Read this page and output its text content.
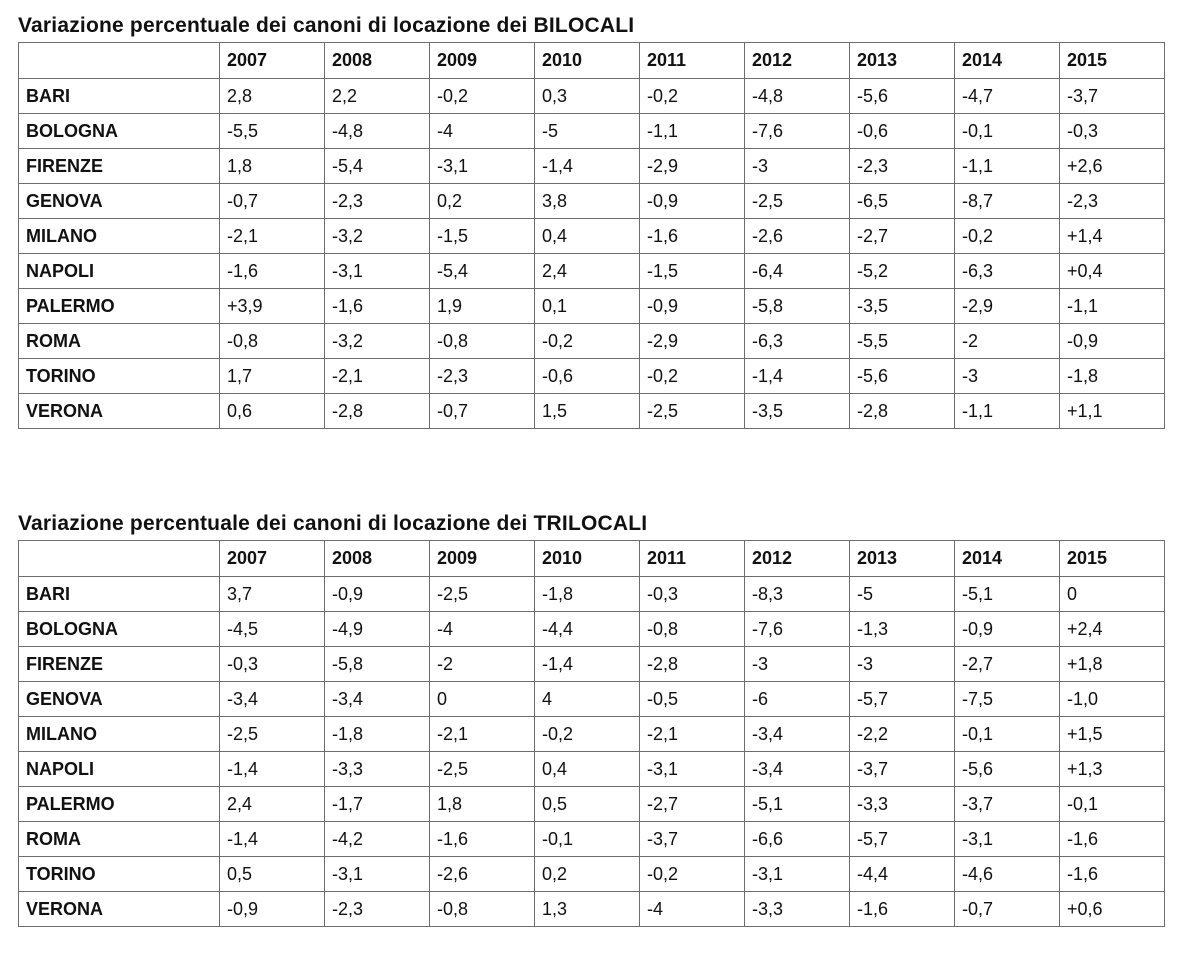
Variazione percentuale dei canoni di locazione dei BILOCALI
	2007	2008	2009	2010	2011	2012	2013	2014	2015
BARI	2,8	2,2	-0,2	0,3	-0,2	-4,8	-5,6	-4,7	-3,7
BOLOGNA	-5,5	-4,8	-4	-5	-1,1	-7,6	-0,6	-0,1	-0,3
FIRENZE	1,8	-5,4	-3,1	-1,4	-2,9	-3	-2,3	-1,1	+2,6
GENOVA	-0,7	-2,3	0,2	3,8	-0,9	-2,5	-6,5	-8,7	-2,3
MILANO	-2,1	-3,2	-1,5	0,4	-1,6	-2,6	-2,7	-0,2	+1,4
NAPOLI	-1,6	-3,1	-5,4	2,4	-1,5	-6,4	-5,2	-6,3	+0,4
PALERMO	+3,9	-1,6	1,9	0,1	-0,9	-5,8	-3,5	-2,9	-1,1
ROMA	-0,8	-3,2	-0,8	-0,2	-2,9	-6,3	-5,5	-2	-0,9
TORINO	1,7	-2,1	-2,3	-0,6	-0,2	-1,4	-5,6	-3	-1,8
VERONA	0,6	-2,8	-0,7	1,5	-2,5	-3,5	-2,8	-1,1	+1,1
Variazione percentuale dei canoni di locazione dei TRILOCALI
	2007	2008	2009	2010	2011	2012	2013	2014	2015
BARI	3,7	-0,9	-2,5	-1,8	-0,3	-8,3	-5	-5,1	0
BOLOGNA	-4,5	-4,9	-4	-4,4	-0,8	-7,6	-1,3	-0,9	+2,4
FIRENZE	-0,3	-5,8	-2	-1,4	-2,8	-3	-3	-2,7	+1,8
GENOVA	-3,4	-3,4	0	4	-0,5	-6	-5,7	-7,5	-1,0
MILANO	-2,5	-1,8	-2,1	-0,2	-2,1	-3,4	-2,2	-0,1	+1,5
NAPOLI	-1,4	-3,3	-2,5	0,4	-3,1	-3,4	-3,7	-5,6	+1,3
PALERMO	2,4	-1,7	1,8	0,5	-2,7	-5,1	-3,3	-3,7	-0,1
ROMA	-1,4	-4,2	-1,6	-0,1	-3,7	-6,6	-5,7	-3,1	-1,6
TORINO	0,5	-3,1	-2,6	0,2	-0,2	-3,1	-4,4	-4,6	-1,6
VERONA	-0,9	-2,3	-0,8	1,3	-4	-3,3	-1,6	-0,7	+0,6
